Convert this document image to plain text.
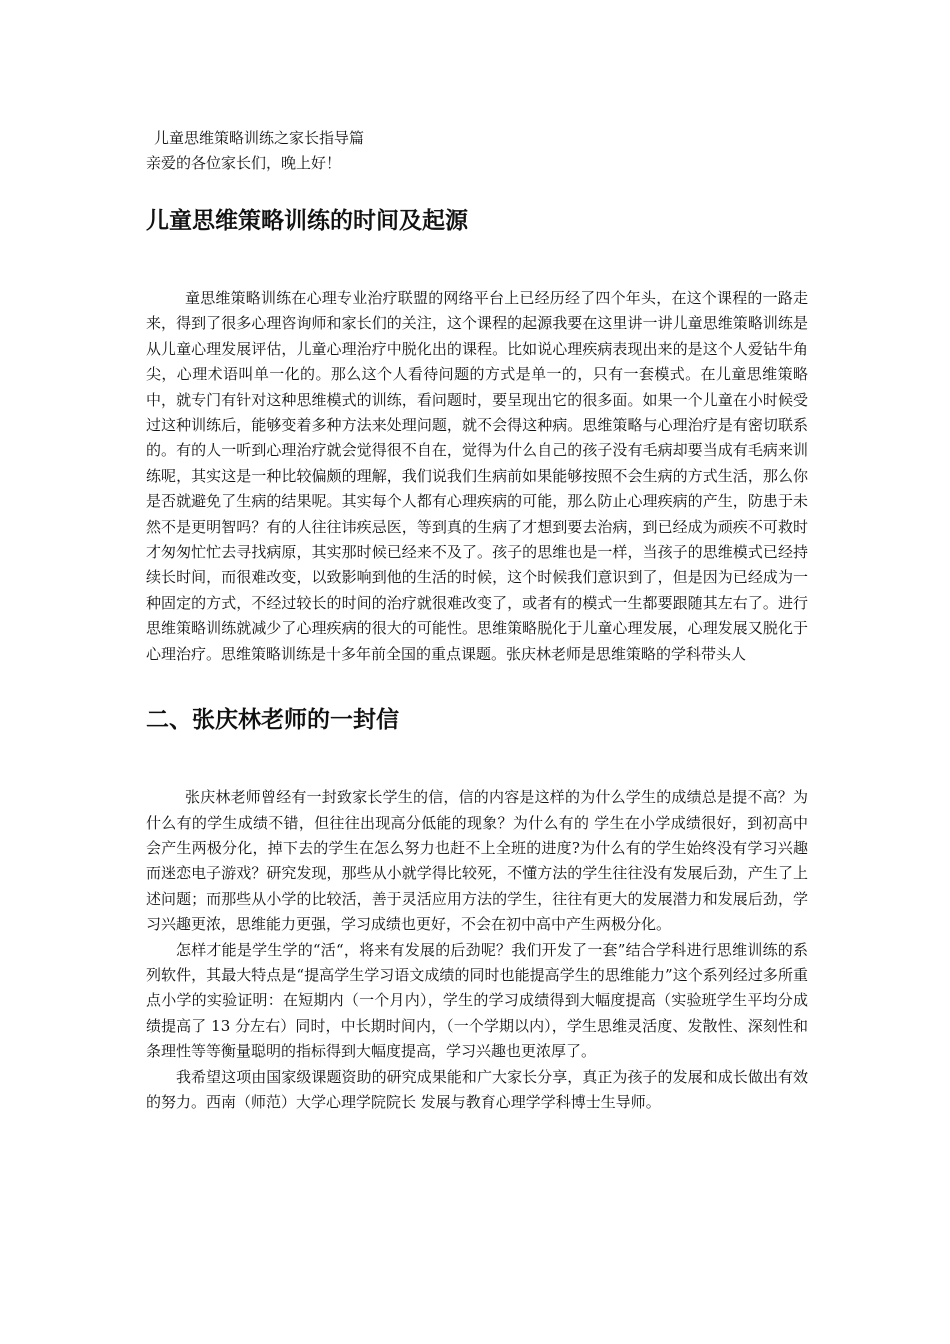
儿童思维策略训练之家长指导篇

亲爱的各位家长们，晚上好！

儿童思维策略训练的时间及起源

童思维策略训练在心理专业治疗联盟的网络平台上已经历经了四个年头，在这个课程的一路走来，得到了很多心理咨询师和家长们的关注，这个课程的起源我要在这里讲一讲儿童思维策略训练是从儿童心理发展评估，儿童心理治疗中脱化出的课程。比如说心理疾病表现出来的是这个人爱钻牛角尖，心理术语叫单一化的。那么这个人看待问题的方式是单一的，只有一套模式。在儿童思维策略中，就专门有针对这种思维模式的训练，看问题时，要呈现出它的很多面。如果一个儿童在小时候受过这种训练后，能够变着多种方法来处理问题，就不会得这种病。思维策略与心理治疗是有密切联系的。有的人一听到心理治疗就会觉得很不自在，觉得为什么自己的孩子没有毛病却要当成有毛病来训练呢，其实这是一种比较偏颇的理解，我们说我们生病前如果能够按照不会生病的方式生活，那么你是否就避免了生病的结果呢。其实每个人都有心理疾病的可能，那么防止心理疾病的产生，防患于未然不是更明智吗？有的人往往讳疾忌医，等到真的生病了才想到要去治病，到已经成为顽疾不可救时才匆匆忙忙去寻找病原，其实那时候已经来不及了。孩子的思维也是一样，当孩子的思维模式已经持续长时间，而很难改变，以致影响到他的生活的时候，这个时候我们意识到了，但是因为已经成为一种固定的方式，不经过较长的时间的治疗就很难改变了，或者有的模式一生都要跟随其左右了。进行思维策略训练就减少了心理疾病的很大的可能性。思维策略脱化于儿童心理发展，心理发展又脱化于心理治疗。思维策略训练是十多年前全国的重点课题。张庆林老师是思维策略的学科带头人

二、张庆林老师的一封信

张庆林老师曾经有一封致家长学生的信，信的内容是这样的为什么学生的成绩总是提不高？为什么有的学生成绩不错，但往往出现高分低能的现象？为什么有的 学生在小学成绩很好，到初高中会产生两极分化，掉下去的学生在怎么努力也赶不上全班的进度?为什么有的学生始终没有学习兴趣而迷恋电子游戏？研究发现，那些从小就学得比较死，不懂方法的学生往往没有发展后劲，产生了上述问题；而那些从小学的比较活，善于灵活应用方法的学生，往往有更大的发展潜力和发展后劲，学习兴趣更浓，思维能力更强，学习成绩也更好，不会在初中高中产生两极分化。

怎样才能是学生学的“活“，将来有发展的后劲呢？我们开发了一套”结合学科进行思维训练的系列软件，其最大特点是“提高学生学习语文成绩的同时也能提高学生的思维能力”这个系列经过多所重点小学的实验证明：在短期内（一个月内），学生的学习成绩得到大幅度提高（实验班学生平均分成绩提高了 13 分左右）同时，中长期时间内，（一个学期以内），学生思维灵活度、发散性、深刻性和条理性等等衡量聪明的指标得到大幅度提高，学习兴趣也更浓厚了。

我希望这项由国家级课题资助的研究成果能和广大家长分享，真正为孩子的发展和成长做出有效的努力。西南（师范）大学心理学院院长 发展与教育心理学学科博士生导师。
